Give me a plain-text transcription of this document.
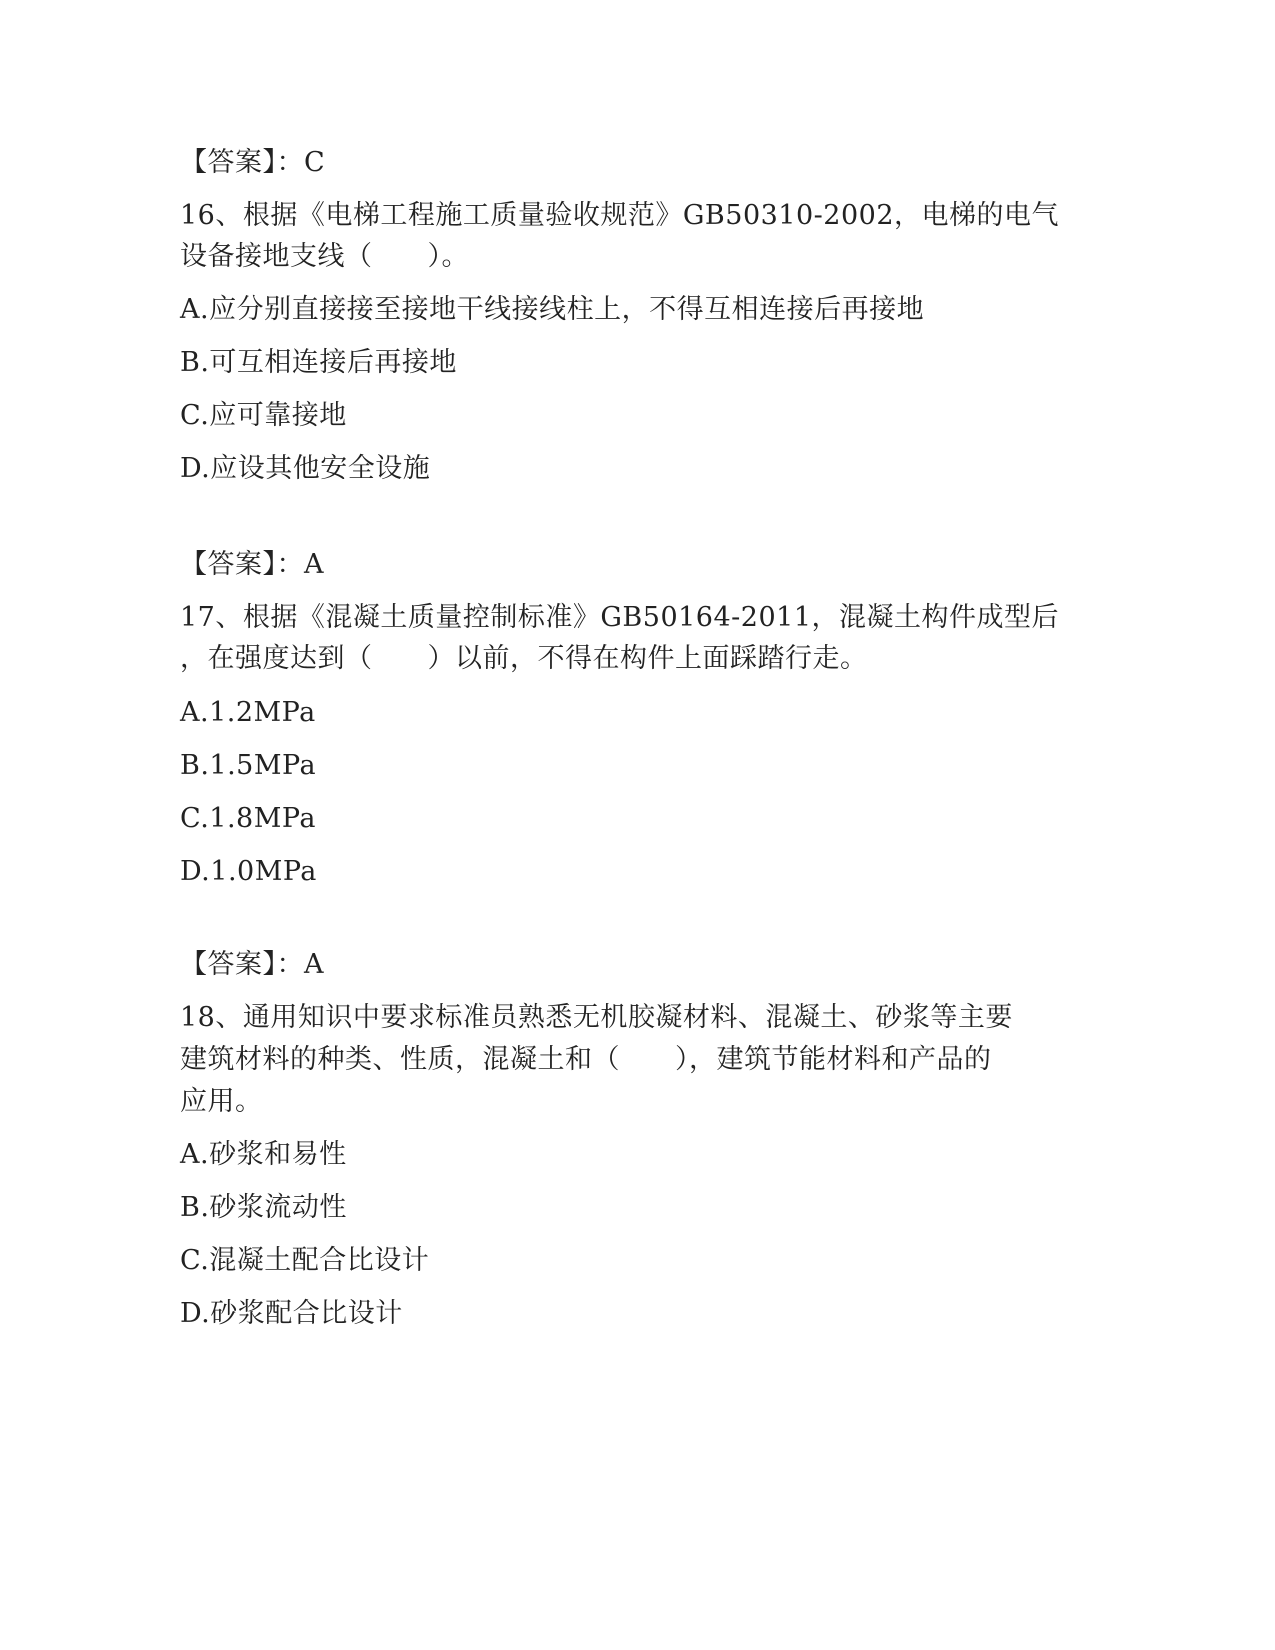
【答案】：C
16、根据《电梯工程施工质量验收规范》GB50310-2002，电梯的电气
设备接地支线（　　）。
A.应分别直接接至接地干线接线柱上，不得互相连接后再接地
B.可互相连接后再接地
C.应可靠接地
D.应设其他安全设施
【答案】：A
17、根据《混凝土质量控制标准》GB50164-2011，混凝土构件成型后
，在强度达到（　　）以前，不得在构件上面踩踏行走。
A.1.2MPa
B.1.5MPa
C.1.8MPa
D.1.0MPa
【答案】：A
18、通用知识中要求标准员熟悉无机胶凝材料、混凝土、砂浆等主要
建筑材料的种类、性质，混凝土和（　　），建筑节能材料和产品的
应用。
A.砂浆和易性
B.砂浆流动性
C.混凝土配合比设计
D.砂浆配合比设计
